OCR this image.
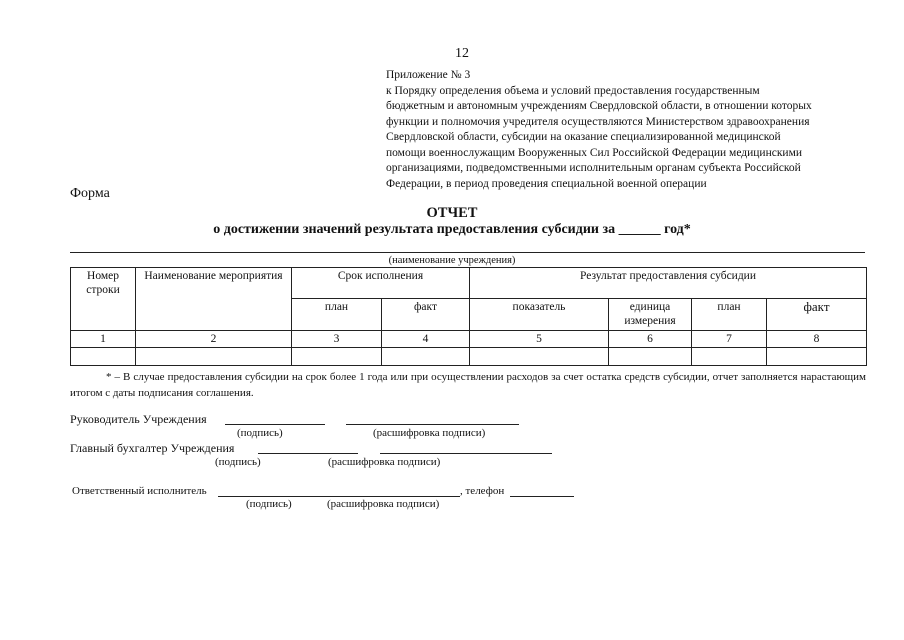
12
Приложение № 3
к Порядку определения объема и условий предоставления государственным
бюджетным и автономным учреждениям Свердловской области, в отношении которых
функции и полномочия учредителя осуществляются Министерством здравоохранения
Свердловской области, субсидии на оказание специализированной медицинской
помощи военнослужащим Вооруженных Сил Российской Федерации медицинскими
организациями, подведомственными исполнительным органам субъекта Российской
Федерации, в период проведения специальной военной операции
Форма
ОТЧЕТ
о достижении значений результата предоставления субсидии за ______ год*
(наименование учреждения)
Номер строки	Наименование мероприятия	Срок исполнения		Результат предоставления субсидии			
		план	факт	показатель	единица измерения	план	факт
1	2	3	4	5	6	7	8

* – В случае предоставления субсидии на срок более 1 года или при осуществлении расходов за счет остатка средств субсидии, отчет заполняется нарастающим итогом с даты подписания соглашения.
Руководитель Учреждения
(подпись)	(расшифровка подписи)
Главный бухгалтер Учреждения
(подпись)	(расшифровка подписи)
Ответственный исполнитель	, телефон
(подпись)	(расшифровка подписи)
